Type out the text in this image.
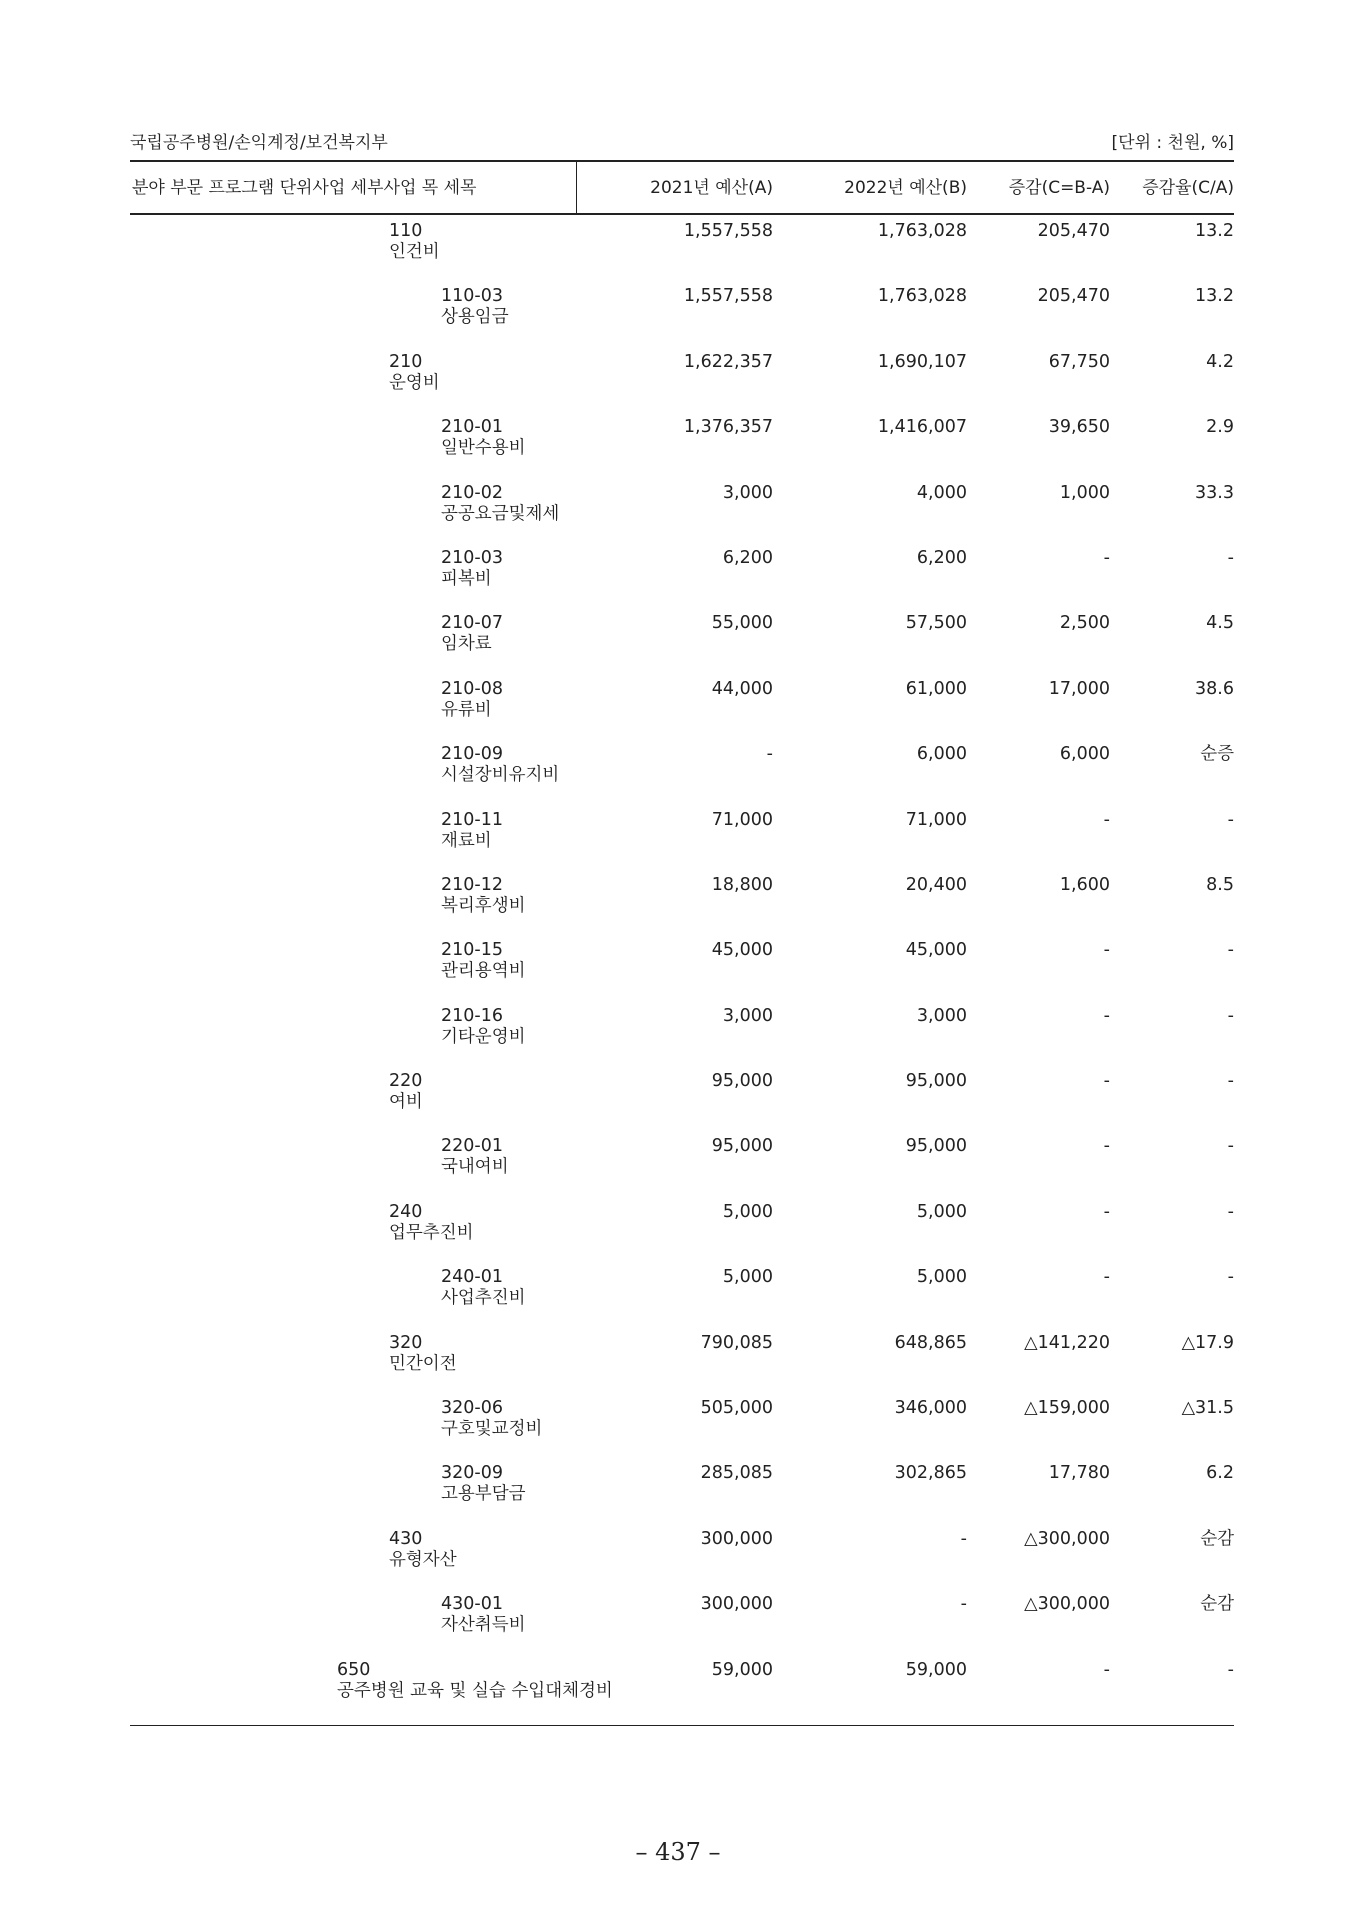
국립공주병원/손익계정/보건복지부	[단위 : 천원, %]
분야 부문 프로그램 단위사업 세부사업 목 세목	2021년 예산(A)	2022년 예산(B)	증감(C=B-A)	증감율(C/A)
110
인건비
1,557,558	1,763,028	205,470	13.2
110-03
상용임금
1,557,558	1,763,028	205,470	13.2
210
운영비
1,622,357	1,690,107	67,750	4.2
210-01
일반수용비
1,376,357	1,416,007	39,650	2.9
210-02
공공요금및제세
3,000	4,000	1,000	33.3
210-03
피복비
6,200	6,200	-	-
210-07
임차료
55,000	57,500	2,500	4.5
210-08
유류비
44,000	61,000	17,000	38.6
210-09
시설장비유지비
-	6,000	6,000	순증
210-11
재료비
71,000	71,000	-	-
210-12
복리후생비
18,800	20,400	1,600	8.5
210-15
관리용역비
45,000	45,000	-	-
210-16
기타운영비
3,000	3,000	-	-
220
여비
95,000	95,000	-	-
220-01
국내여비
95,000	95,000	-	-
240
업무추진비
5,000	5,000	-	-
240-01
사업추진비
5,000	5,000	-	-
320
민간이전
790,085	648,865	△141,220	△17.9
320-06
구호및교정비
505,000	346,000	△159,000	△31.5
320-09
고용부담금
285,085	302,865	17,780	6.2
430
유형자산
300,000	-	△300,000	순감
430-01
자산취득비
300,000	-	△300,000	순감
650
공주병원 교육 및 실습 수입대체경비
59,000	59,000	-	-
– 437 –
